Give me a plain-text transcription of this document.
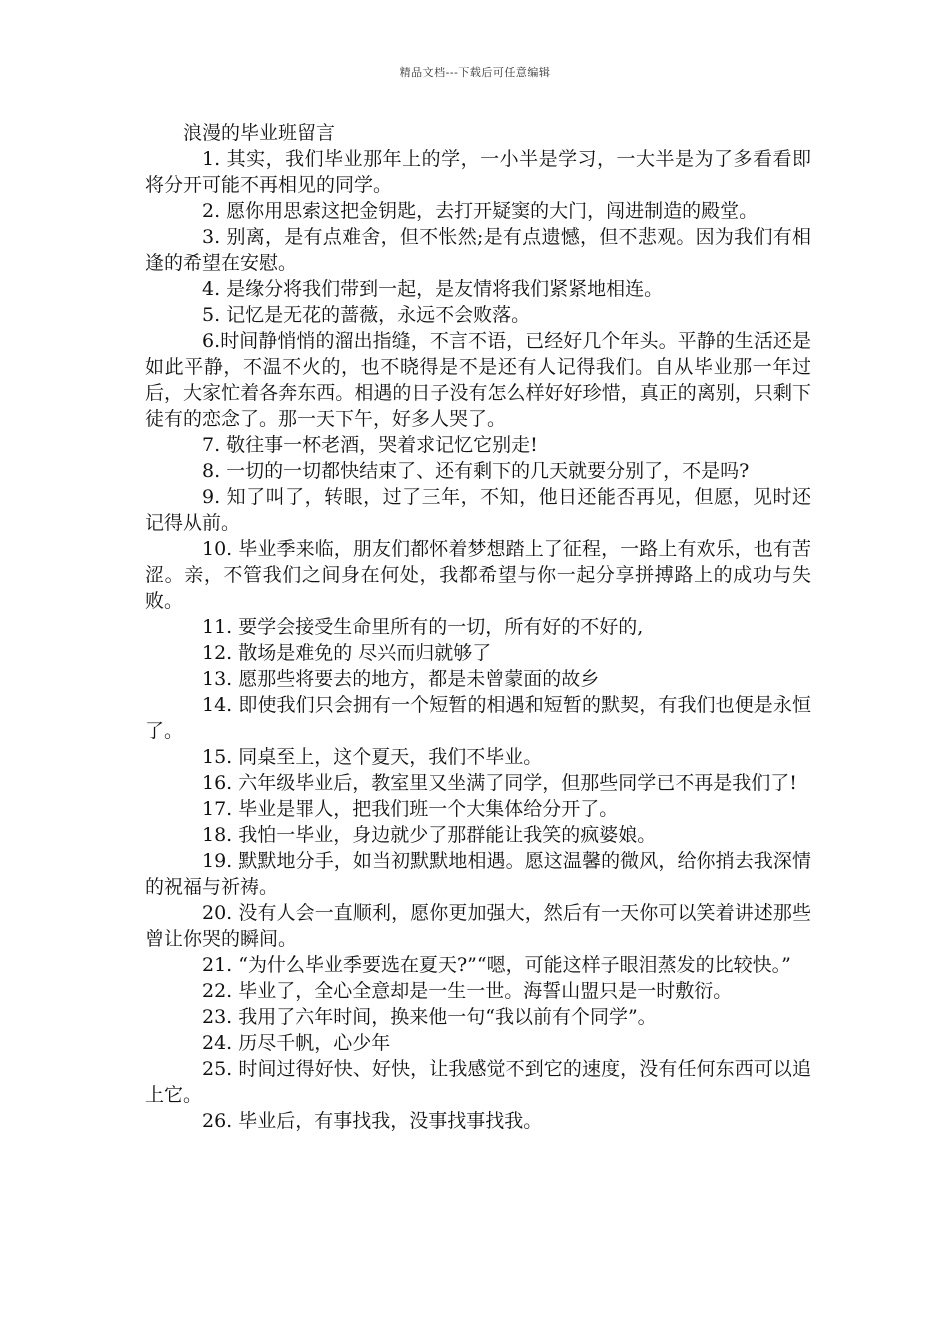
精品文档---下载后可任意编辑
浪漫的毕业班留言
1. 其实，我们毕业那年上的学，一小半是学习，一大半是为了多看看即将分开可能不再相见的同学。
2. 愿你用思索这把金钥匙，去打开疑窦的大门，闯进制造的殿堂。
3. 别离，是有点难舍，但不怅然;是有点遗憾，但不悲观。因为我们有相逢的希望在安慰。
4. 是缘分将我们带到一起，是友情将我们紧紧地相连。
5. 记忆是无花的蔷薇，永远不会败落。
6.时间静悄悄的溜出指缝，不言不语，已经好几个年头。平静的生活还是如此平静，不温不火的，也不晓得是不是还有人记得我们。自从毕业那一年过后，大家忙着各奔东西。相遇的日子没有怎么样好好珍惜，真正的离别，只剩下徒有的恋念了。那一天下午，好多人哭了。
7. 敬往事一杯老酒，哭着求记忆它别走!
8. 一切的一切都快结束了、还有剩下的几天就要分别了，不是吗?
9. 知了叫了，转眼，过了三年，不知，他日还能否再见，但愿，见时还记得从前。
10. 毕业季来临，朋友们都怀着梦想踏上了征程，一路上有欢乐，也有苦涩。亲，不管我们之间身在何处，我都希望与你一起分享拼搏路上的成功与失败。
11. 要学会接受生命里所有的一切，所有好的不好的,
12. 散场是难免的 尽兴而归就够了
13. 愿那些将要去的地方，都是未曾蒙面的故乡
14. 即使我们只会拥有一个短暂的相遇和短暂的默契，有我们也便是永恒了。
15. 同桌至上，这个夏天，我们不毕业。
16. 六年级毕业后，教室里又坐满了同学，但那些同学已不再是我们了!
17. 毕业是罪人，把我们班一个大集体给分开了。
18. 我怕一毕业，身边就少了那群能让我笑的疯婆娘。
19. 默默地分手，如当初默默地相遇。愿这温馨的微风，给你捎去我深情的祝福与祈祷。
20. 没有人会一直顺利，愿你更加强大，然后有一天你可以笑着讲述那些曾让你哭的瞬间。
21. “为什么毕业季要选在夏天?”“嗯，可能这样子眼泪蒸发的比较快。”
22. 毕业了，全心全意却是一生一世。海誓山盟只是一时敷衍。
23. 我用了六年时间，换来他一句“我以前有个同学”。
24. 历尽千帆，心少年
25. 时间过得好快、好快，让我感觉不到它的速度，没有任何东西可以追上它。
26. 毕业后，有事找我，没事找事找我。
